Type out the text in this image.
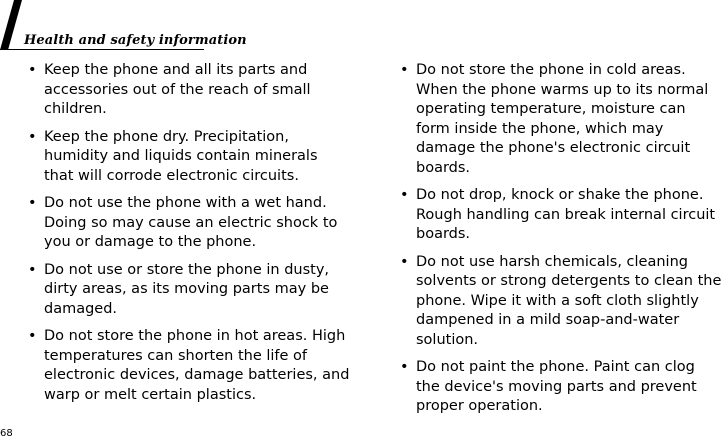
Health and safety information
• Keep the phone and all its parts and accessories out of the reach of small children.
• Keep the phone dry. Precipitation, humidity and liquids contain minerals that will corrode electronic circuits.
• Do not use the phone with a wet hand. Doing so may cause an electric shock to you or damage to the phone.
• Do not use or store the phone in dusty, dirty areas, as its moving parts may be damaged.
• Do not store the phone in hot areas. High temperatures can shorten the life of electronic devices, damage batteries, and warp or melt certain plastics.
• Do not store the phone in cold areas. When the phone warms up to its normal operating temperature, moisture can form inside the phone, which may damage the phone's electronic circuit boards.
• Do not drop, knock or shake the phone. Rough handling can break internal circuit boards.
• Do not use harsh chemicals, cleaning solvents or strong detergents to clean the phone. Wipe it with a soft cloth slightly dampened in a mild soap-and-water solution.
• Do not paint the phone. Paint can clog the device's moving parts and prevent proper operation.
68
